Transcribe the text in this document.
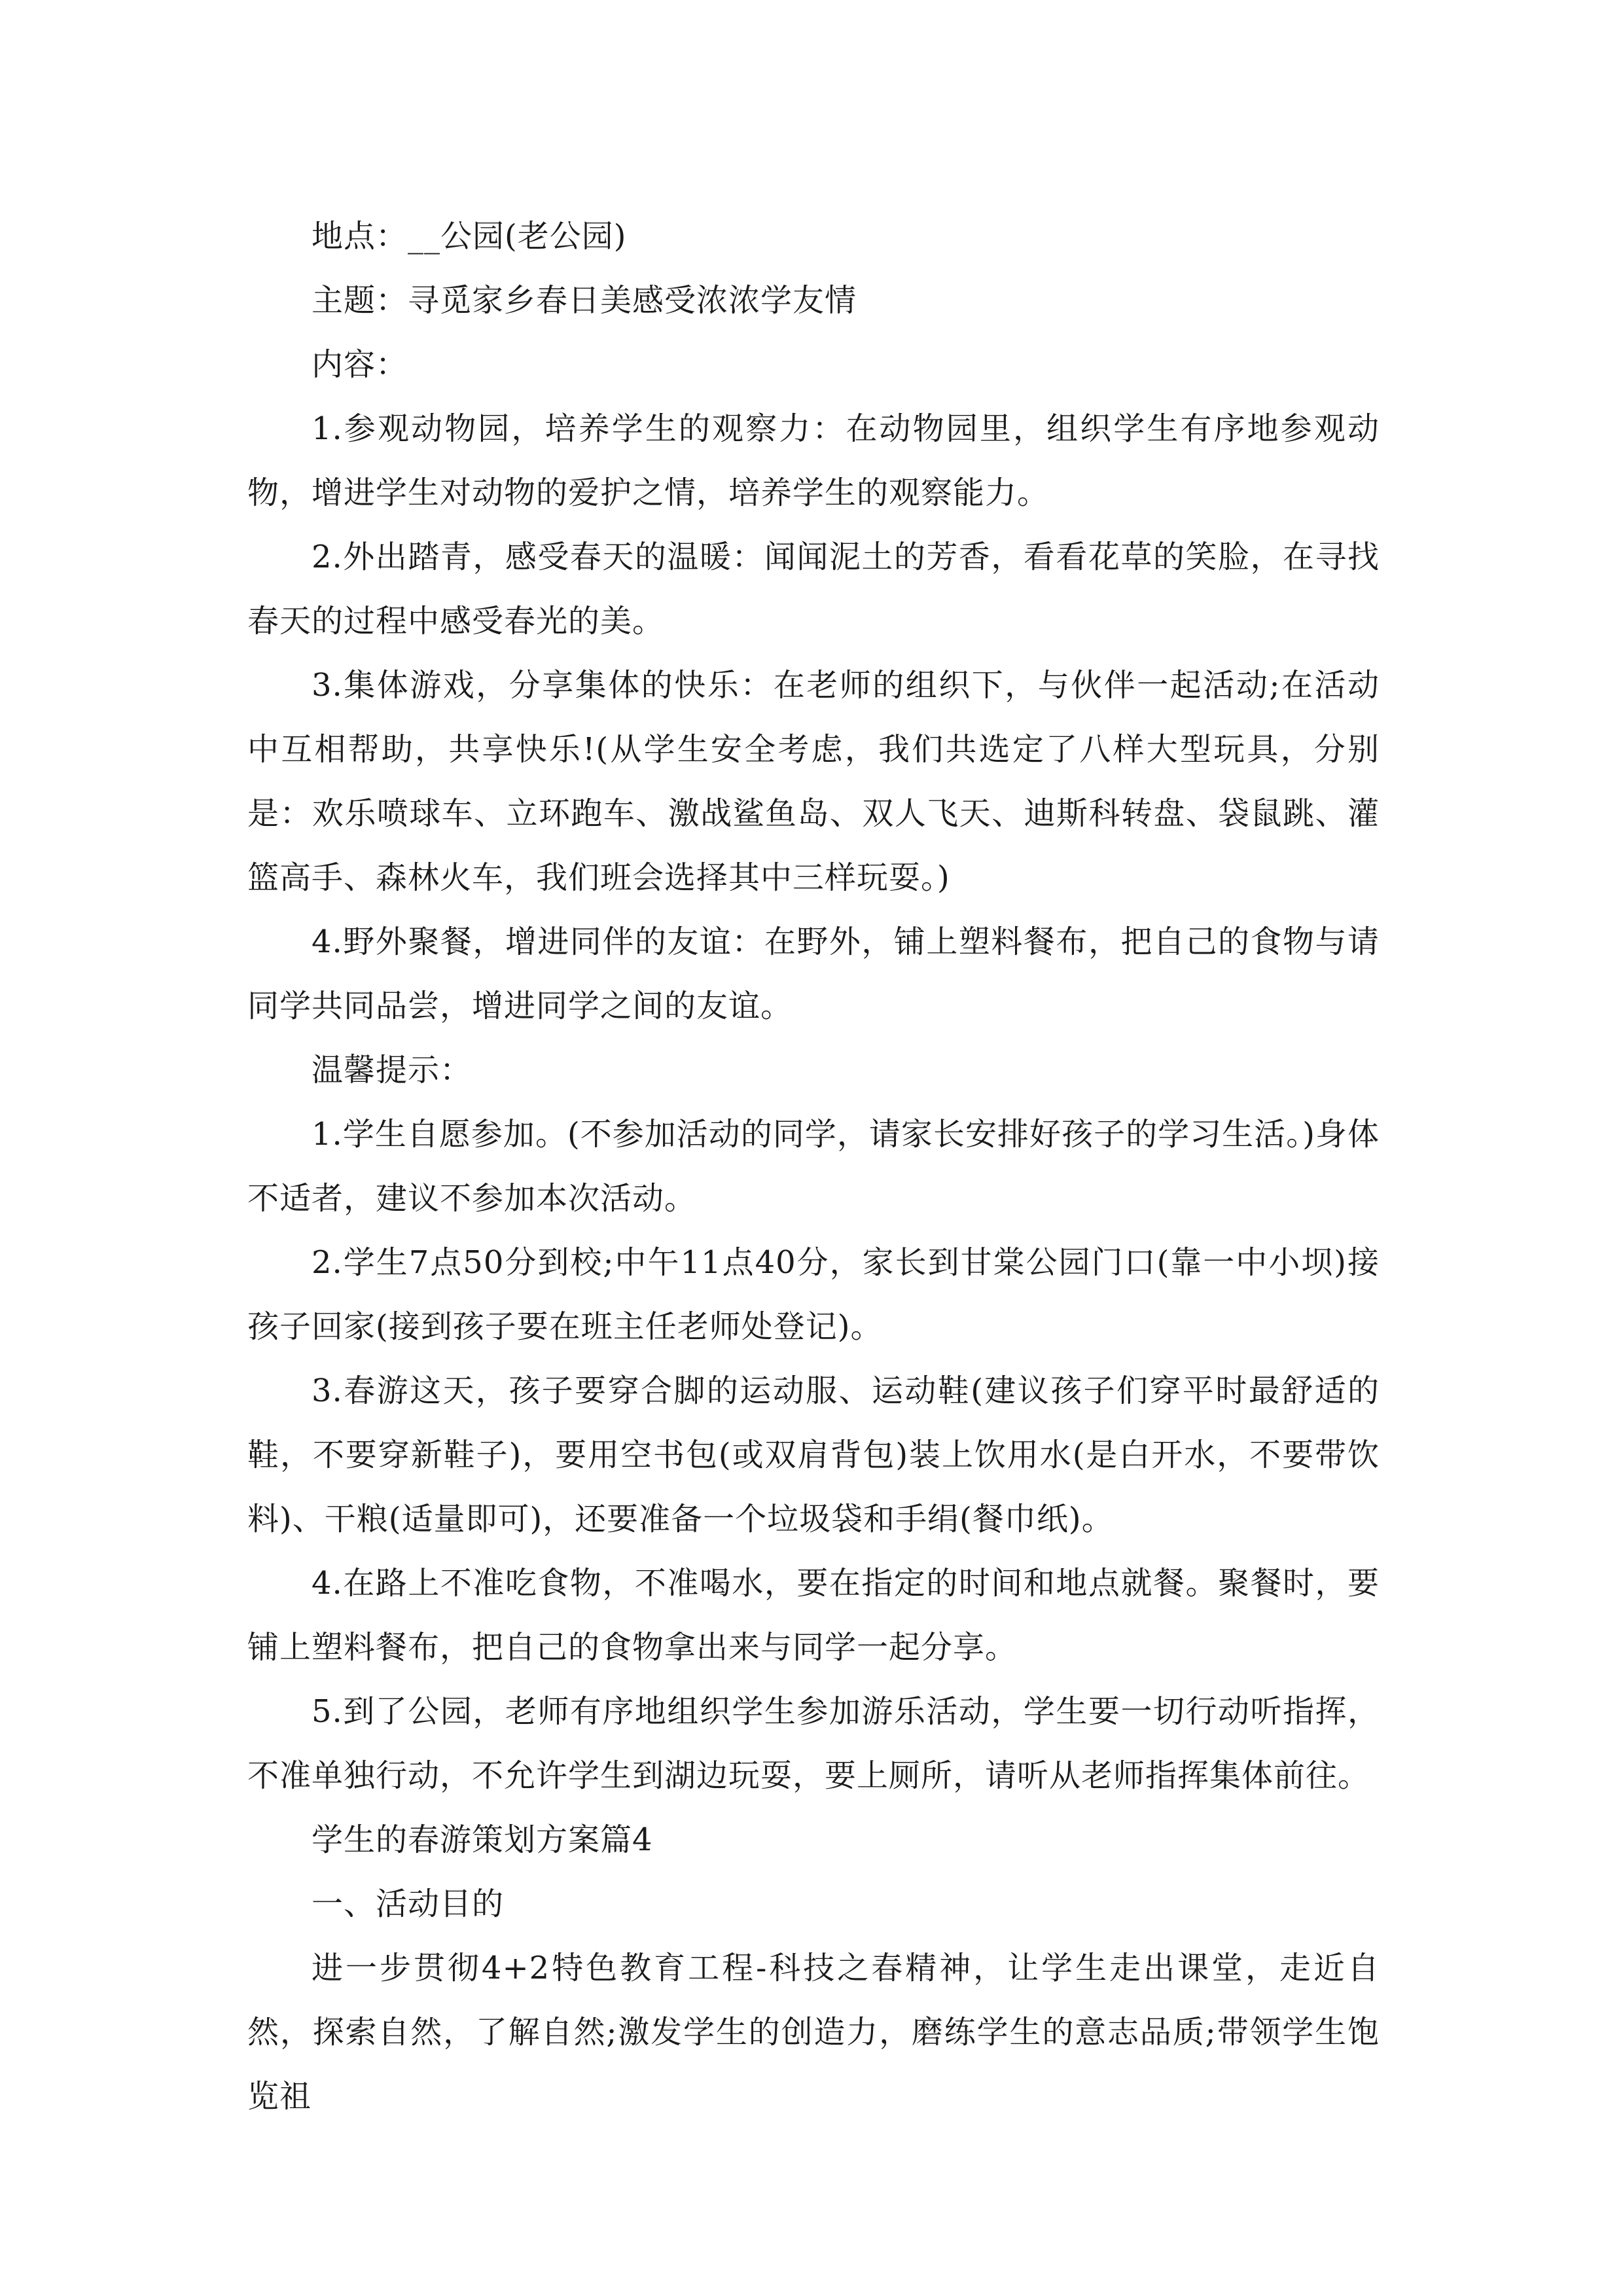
地点：__公园(老公园)

主题：寻觅家乡春日美感受浓浓学友情

内容：

1.参观动物园，培养学生的观察力：在动物园里，组织学生有序地参观动物，增进学生对动物的爱护之情，培养学生的观察能力。

2.外出踏青，感受春天的温暖：闻闻泥土的芳香，看看花草的笑脸，在寻找春天的过程中感受春光的美。

3.集体游戏，分享集体的快乐：在老师的组织下，与伙伴一起活动;在活动中互相帮助，共享快乐!(从学生安全考虑，我们共选定了八样大型玩具，分别是：欢乐喷球车、立环跑车、激战鲨鱼岛、双人飞天、迪斯科转盘、袋鼠跳、灌篮高手、森林火车，我们班会选择其中三样玩耍。)

4.野外聚餐，增进同伴的友谊：在野外，铺上塑料餐布，把自己的食物与请同学共同品尝，增进同学之间的友谊。

温馨提示：

1.学生自愿参加。(不参加活动的同学，请家长安排好孩子的学习生活。)身体不适者，建议不参加本次活动。

2.学生7点50分到校;中午11点40分，家长到甘棠公园门口(靠一中小坝)接孩子回家(接到孩子要在班主任老师处登记)。

3.春游这天，孩子要穿合脚的运动服、运动鞋(建议孩子们穿平时最舒适的鞋，不要穿新鞋子)，要用空书包(或双肩背包)装上饮用水(是白开水，不要带饮料)、干粮(适量即可)，还要准备一个垃圾袋和手绢(餐巾纸)。

4.在路上不准吃食物，不准喝水，要在指定的时间和地点就餐。聚餐时，要铺上塑料餐布，把自己的食物拿出来与同学一起分享。

5.到了公园，老师有序地组织学生参加游乐活动，学生要一切行动听指挥，不准单独行动，不允许学生到湖边玩耍，要上厕所，请听从老师指挥集体前往。

学生的春游策划方案篇4

一、活动目的

进一步贯彻4+2特色教育工程-科技之春精神，让学生走出课堂，走近自然，探索自然，了解自然;激发学生的创造力，磨练学生的意志品质;带领学生饱览祖
